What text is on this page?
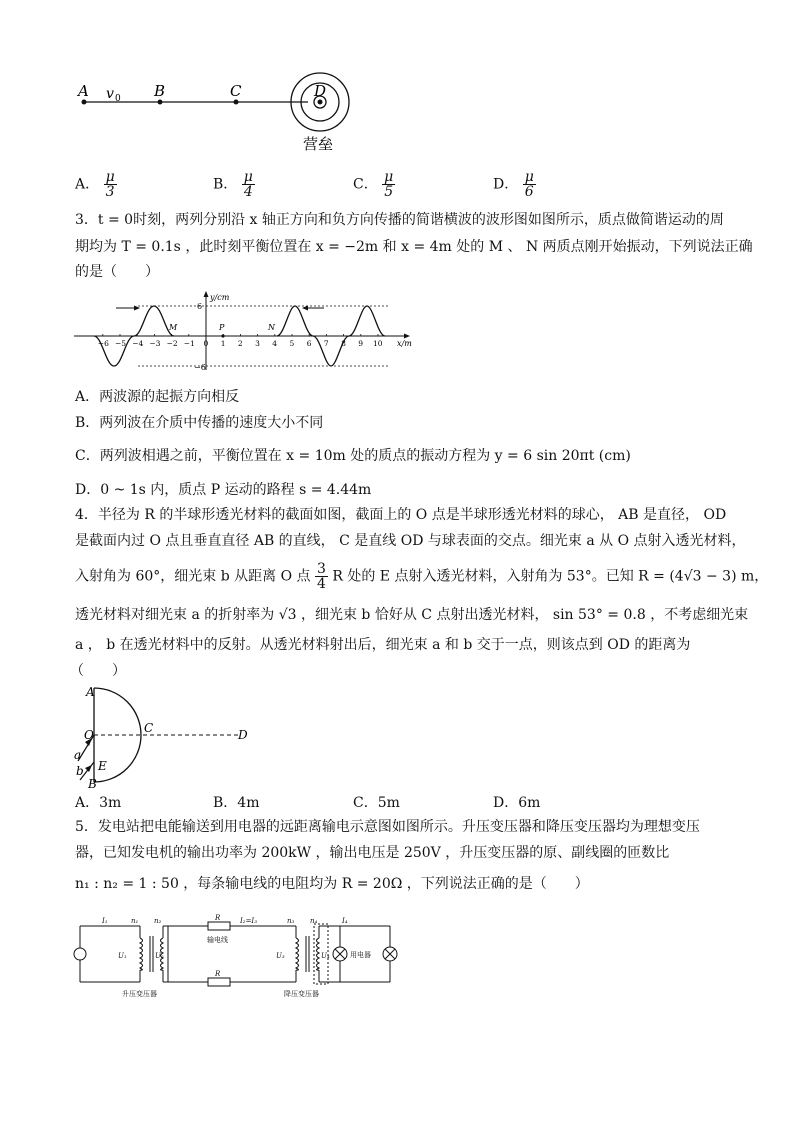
A v 0 B	C	D
营垒
A． $\frac{\mu}{3}$	B． $\frac{\mu}{4}$	C． $\frac{\mu}{5}$	D． $\frac{\mu}{6}$
3．t = 0时刻，两列分别沿 x 轴正方向和负方向传播的简谐横波的波形图如图所示，质点做简谐运动的周
期均为 T = 0.1s ，此时刻平衡位置在 x = −2m 和 x = 4m 处的 M 、 N 两质点刚开始振动，下列说法正确
的是（　　）
y/cm
x/m
6
−6
M	P	N
−6 −5 −4 −3 −2 −1 0 1 2 3 4 5 6 7 8 9 10
A．两波源的起振方向相反
B．两列波在介质中传播的速度大小不同
C．两列波相遇之前，平衡位置在 x = 10m 处的质点的振动方程为 y = 6 sin 20πt (cm)
D．0 ~ 1s 内，质点 P 运动的路程 s = 4.44m
4．半径为 R 的半球形透光材料的截面如图，截面上的 O 点是半球形透光材料的球心， AB 是直径， OD
是截面内过 O 点且垂直直径 AB 的直线， C 是直线 OD 与球表面的交点。细光束 a 从 O 点射入透光材料，
入射角为 60°，细光束 b 从距离 O 点 $\frac{3}{4}$ R 处的 E 点射入透光材料，入射角为 53°。已知 R = (4√3 − 3) m，
透光材料对细光束 a 的折射率为 √3 ，细光束 b 恰好从 C 点射出透光材料， sin 53° = 0.8 ，不考虑细光束
a ， b 在透光材料中的反射。从透光材料射出后，细光束 a 和 b 交于一点，则该点到 OD 的距离为
（　　）
A
O	C	D
a
b E
B
A．3m	B．4m	C．5m	D．6m
5．发电站把电能输送到用电器的远距离输电示意图如图所示。升压变压器和降压变压器均为理想变压
器，已知发电机的输出功率为 200kW ，输出电压是 250V ，升压变压器的原、副线圈的匝数比
n₁ : n₂ = 1 : 50 ，每条输电线的电阻均为 R = 20Ω ，下列说法正确的是（　　）
I₁	n₁ n₂
U₁	U₂
R	I₂=I₃
输电线
R
n₃ n₄	I₄
U₃	U₄	用电器
升压变压器	降压变压器
